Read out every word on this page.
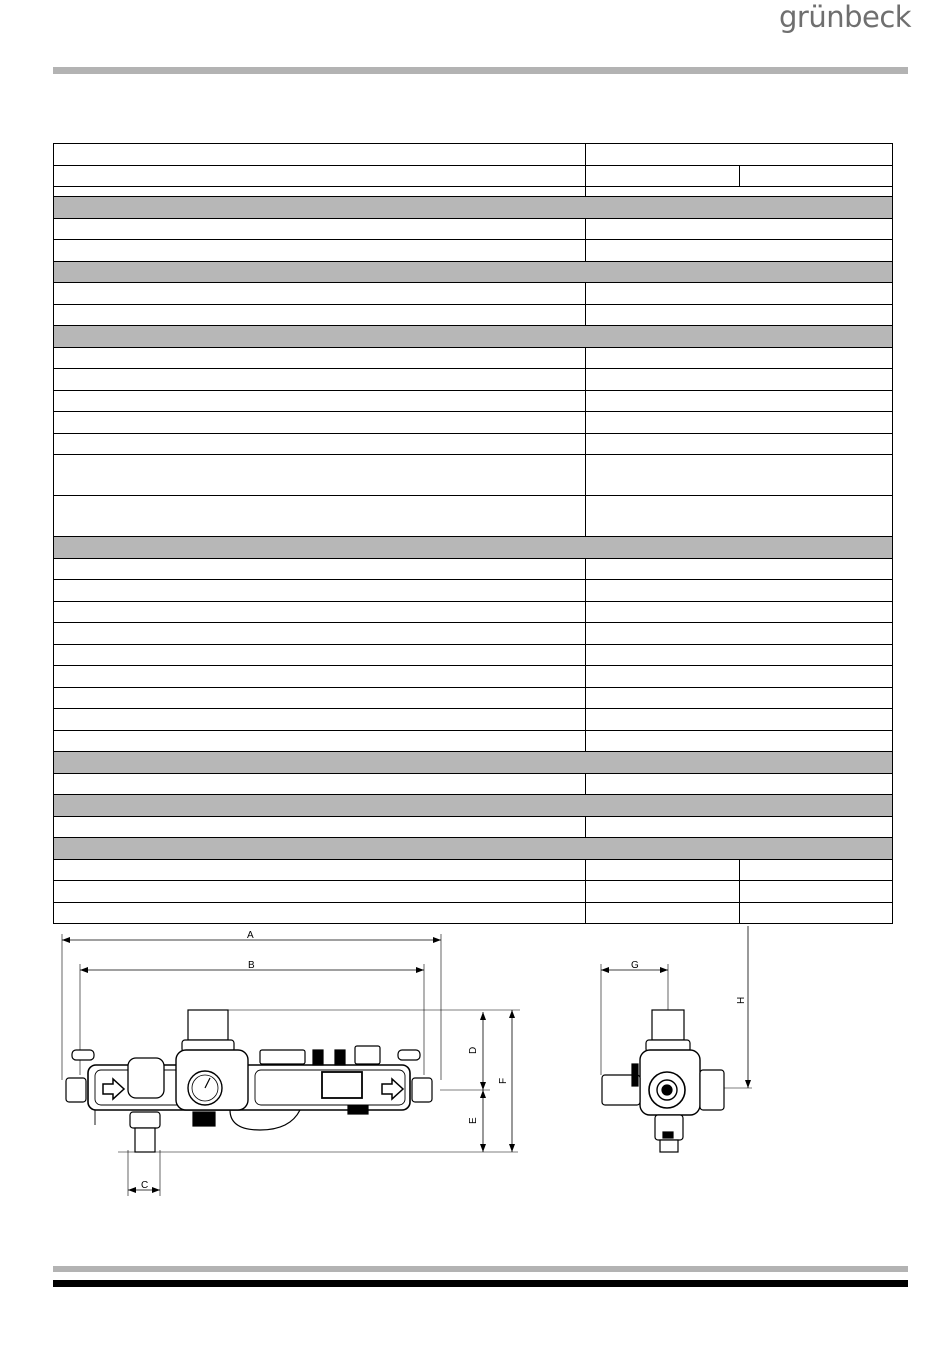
grünbeck

A
B
C
D
E
F
G
H
